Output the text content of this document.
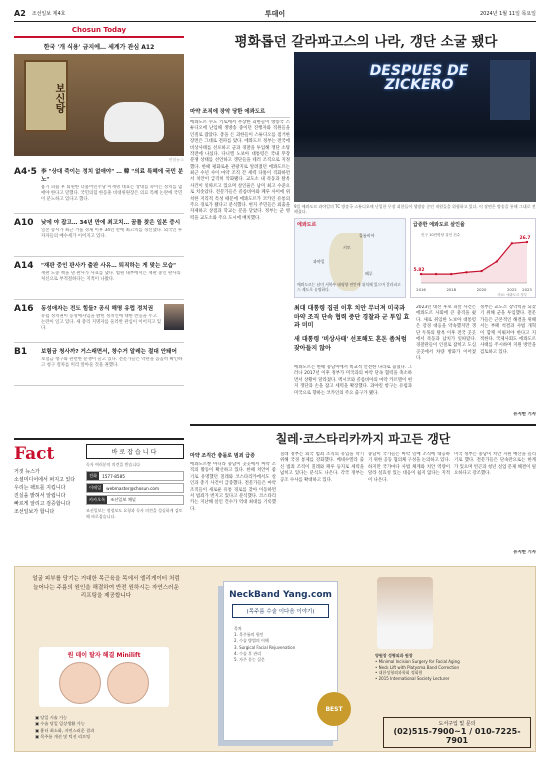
A2 조선일보 제4호	투데이	2024년 1월 11일 목요일
Chosun Today
한국 '개 식용' 금지에… 세계가 관심 A12
보신탕
연합뉴스
A4·5 李 "상대 죽이는 정치 없애야" … 韓 "의료 특혜에 국민 분노"
흉기 피습 후 퇴원한 더불어민주당 이재명 대표는 상대를 죽이는 정치를 없애야 한다고 말했다. 국민의힘 한동훈 비대위원장은 의료 특혜 논란에 국민이 분노하고 있다고 했다.
A10	낮에 야 잡고… 34년 만에 최고치… 꿈틀 찾은 일본 증시
일본 증시가 최근 거품 경제 이후 34년 만에 최고치를 경신했다. 외국인 투자자들의 매수세가 이어지고 있다.
A14	"재판 중인 판사가 출판 사유… 퇴직하는 게 맞는 모습"
재판 도중 책을 낸 판사가 사표를 냈다. 법원 내부에서는 재판 중인 판사의 처신으로 부적절하다는 지적이 나왔다.
A16	동성애자는 전도 힘들? 공식 해명 유럽 정치권
유럽 정치권이 동성애자임을 밝힌 정치인에 대한 반응을 두고 논란이 일고 있다. 새 총리 지명자를 둘러싼 관심이 이어지고 있다.
B1	보험금 청사까? 거스래면서, 창수거 알레는 절대 안돼어
보험금 청구와 관련한 분쟁이 늘고 있다. 전문가들은 약관을 꼼꼼히 확인하고 청구 절차를 미리 알아둘 것을 권했다.
Fact
거짓 뉴스가
소셜미디어에서 퍼지고 있다
우리는 팩트를 지킵니다
진실을 밝혀서 알립니다
빠르게 알리고 검증합니다
조선일보가 합니다
바로잡습니다
독자 여러분의 의견을 받습니다
전화	1577-8585
이메일	webmaster@chosun.com
카카오톡	조선일보 채널
조선일보는 정정보도 요청과 독자 의견을 성실하게 검토해 바로잡습니다.
평화롭던 갈라파고스의 나라, 갱단 소굴 됐다
DESPUES DE ZICKERO
9일 에콰도르 과야킬의 TC 방송국 스튜디오에 난입한 무장 괴한들이 생방송 중인 직원들을 위협하고 있다. 이 장면은 방송을 통해 그대로 전해졌다.
마약 조직에 장악 당한 에콰도르
에콰도르 수도 키토에서 무장한 괴한들이 방송국 스튜디오에 난입해 생방송 중이던 진행자와 직원들을 인질로 잡았다. 총을 든 괴한들이 스튜디오를 점거한 장면은 그대로 전파를 탔다. 에콰도르 정부는 전국에 비상사태를 선포하고 군과 경찰을 투입해 갱단 소탕 작전에 나섰다. 다니엘 노보아 대통령은 국내 무장 분쟁 상태를 선언하고 갱단들을 테러 조직으로 지정했다. 한때 평화로운 관광지로 알려졌던 에콰도르는 최근 수년 사이 마약 조직 간 세력 다툼이 격화하면서 치안이 급격히 악화됐다. 교도소 내 폭동과 탈옥 사건이 잇따르고 있으며 살인율은 남미 최고 수준으로 치솟았다. 전문가들은 콜롬비아와 페루 사이에 위치한 지리적 특성 때문에 에콰도르가 코카인 유통의 주요 경로가 됐다고 분석했다. 현지 주민들은 외출을 자제하고 상점과 학교는 문을 닫았다. 정부는 군 병력을 교도소와 주요 도시에 배치했다.
에콰도르
콜롬비아
키토
과야킬
페루
에콰도르는 남미 서북부 태평양 연안에 위치해 있으며 갈라파고스 제도로 유명하다.
급증한 에콰도르 살인율
2016	2018	2020	2022 2023
5.82
26.7
인구 10만명당 살인 건수
자료: 에콰도르 정부
최대 대통령 집권 이후 치안 무너져 미국과 마약 조직 단속 협력 중단 경찰과 군 투입 효과 미미
새 대통령 '비상사태' 선포해도 혼돈 좀처럼 잦아들지 않아
에콰도르는 한때 중남미에서 비교적 안전한 나라로 꼽혔다. 그러나 2017년 이후 정부가 미국과의 마약 단속 협력을 축소하면서 상황이 달라졌다. 멕시코와 콜롬비아의 마약 카르텔이 현지 갱단과 손을 잡고 세력을 확장했다. 과야킬 항구는 유럽과 미국으로 향하는 코카인의 주요 출구가 됐다.
2023년 대선 후보 피살 사건은 에콰도르 사회에 큰 충격을 줬다. 새로 취임한 노보아 대통령은 강경 대응을 약속했지만 갱단 두목의 탈옥 이후 전국 곳곳에서 폭동과 납치가 잇따랐다. 경찰관들이 인질로 잡히고 도심 곳곳에서 차량 방화가 이어졌다.
정부는 교도소 장악력을 되찾기 위해 군을 투입했다. 전문가들은 근본적인 해결을 위해서는 부패 척결과 사법 개혁이 함께 이뤄져야 한다고 지적한다. 국제사회도 에콰도르 사태를 주시하며 지원 방안을 검토하고 있다.
유지한 기자
칠레·코스타리카까지 파고든 갱단
마약 조직간 충돌로 범죄 급증
에콰도르뿐 아니라 중남미 곳곳에서 마약 조직의 활동이 확산하고 있다. 한때 치안이 좋기로 유명했던 칠레와 코스타리카에서도 살인과 총기 사건이 급증했다. 전문가들은 마약 조직들이 새로운 유통 경로를 찾아 이동하면서 범죄가 번지고 있다고 분석했다. 코스타리카는 지난해 살인 건수가 역대 최대를 기록했다.
칠레 정부는 외국 범죄 조직의 유입을 막기 위해 국경 통제를 강화했다. 베네수엘라 출신 범죄 조직이 칠레와 페루 등지로 세력을 넓히고 있다는 분석도 나온다. 각국 정부는 공조 수사를 확대하고 있다.
중남미 국가들은 마약 밀매 조직에 대응하기 위한 공동 협의체 구성을 논의하고 있다. 하지만 국가마다 사법 체계와 치안 역량이 달라 실효성 있는 대응이 쉽지 않다는 지적이 나온다.
미국 정부는 중남미 치안 지원 예산을 늘리기로 했다. 전문가들은 단속만으로는 한계가 있으며 빈곤과 청년 실업 문제 해결이 필요하다고 강조했다.
유지한 기자
얼굴 피부를 당기는 거대한 목근육을 목에서 엘리게이터 처럼 늘어나는 주름의 원인을 해결하여 반전 원하시는 자연스러운 리프팅을 제공합니다
원 데이 탈자 해결 Minilift
▣ 당일 시술 가능
▣ 수술 당일 일상생활 가능
▣ 흉터 최소화, 자연스러운 결과
▣ 목주름 개선 및 턱선 리프팅
NeckBand Yang.com
(목주름 수술 이다음 이야기)
목차
1. 목주름의 원인
2. 수술 방법의 이해
3. Surgical Facial Rejuvenation
4. 수술 후 관리
5. 자주 묻는 질문
BEST
양원장 성형외과 원장
• Minimal Incision Surgery for Facial Aging
• Neck Lift with Platysma Band Correction
• 대한성형외과학회 정회원
• 2015 International Society Lecturer
도서구입 및 문의
(02)515-7900~1 / 010-7225-7901
